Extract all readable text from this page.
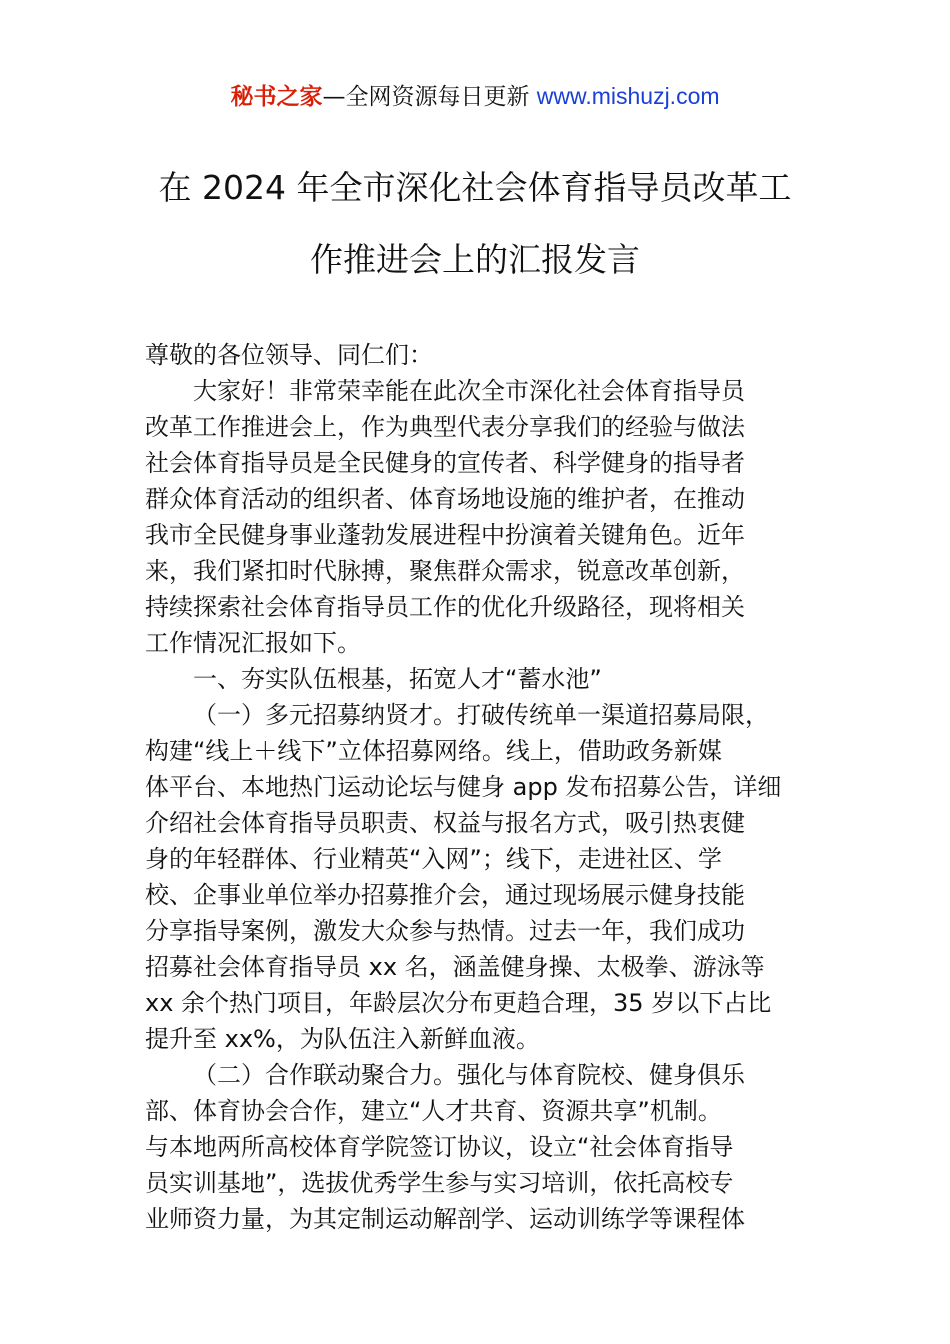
秘书之家—全网资源每日更新 www.mishuzj.com
在 2024 年全市深化社会体育指导员改革工
作推进会上的汇报发言

尊敬的各位领导、同仁们：

大家好！非常荣幸能在此次全市深化社会体育指导员
改革工作推进会上，作为典型代表分享我们的经验与做法
社会体育指导员是全民健身的宣传者、科学健身的指导者
群众体育活动的组织者、体育场地设施的维护者，在推动
我市全民健身事业蓬勃发展进程中扮演着关键角色。近年
来，我们紧扣时代脉搏，聚焦群众需求，锐意改革创新，
持续探索社会体育指导员工作的优化升级路径，现将相关
工作情况汇报如下。

一、夯实队伍根基，拓宽人才“蓄水池”

（一）多元招募纳贤才。打破传统单一渠道招募局限，
构建“线上＋线下”立体招募网络。线上，借助政务新媒
体平台、本地热门运动论坛与健身 app 发布招募公告，详细
介绍社会体育指导员职责、权益与报名方式，吸引热衷健
身的年轻群体、行业精英“入网”；线下，走进社区、学
校、企事业单位举办招募推介会，通过现场展示健身技能
分享指导案例，激发大众参与热情。过去一年，我们成功
招募社会体育指导员 xx 名，涵盖健身操、太极拳、游泳等
xx 余个热门项目，年龄层次分布更趋合理，35 岁以下占比
提升至 xx%，为队伍注入新鲜血液。

（二）合作联动聚合力。强化与体育院校、健身俱乐
部、体育协会合作，建立“人才共育、资源共享”机制。
与本地两所高校体育学院签订协议，设立“社会体育指导
员实训基地”，选拔优秀学生参与实习培训，依托高校专
业师资力量，为其定制运动解剖学、运动训练学等课程体
